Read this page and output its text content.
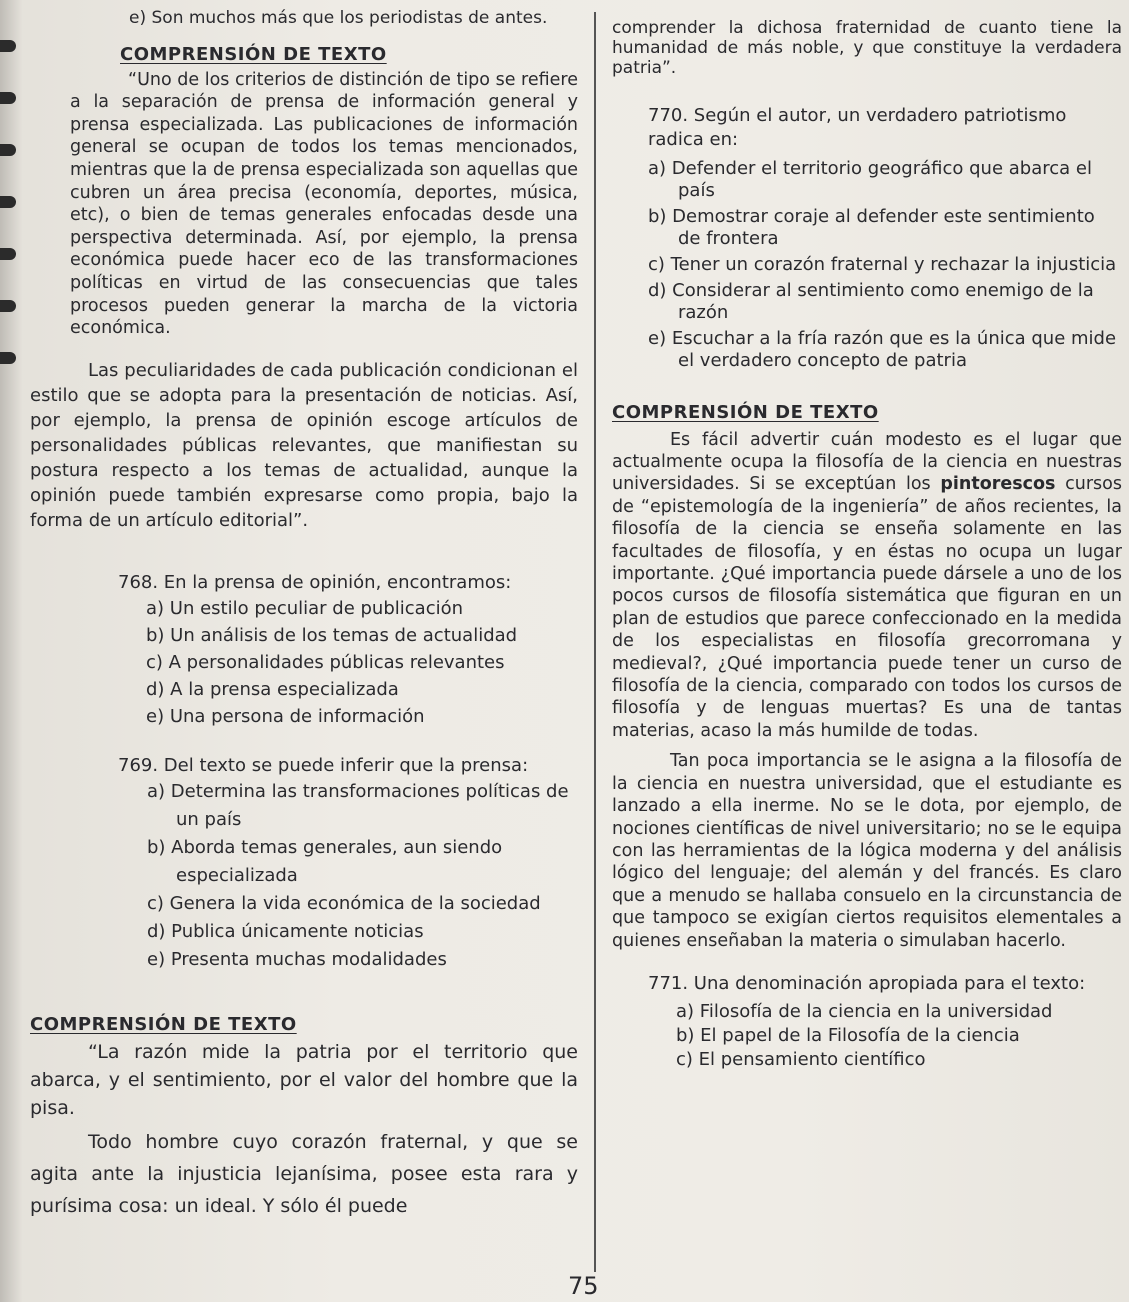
e) Son muchos más que los periodistas de antes.

COMPRENSIÓN DE TEXTO

“Uno de los criterios de distinción de tipo se refiere a la separación de prensa de información general y prensa especializada. Las publicaciones de información general se ocupan de todos los temas mencionados, mientras que la de prensa especializada son aquellas que cubren un área precisa (economía, deportes, música, etc), o bien de temas generales enfocadas desde una perspectiva determinada. Así, por ejemplo, la prensa económica puede hacer eco de las transformaciones políticas en virtud de las consecuencias que tales procesos pueden generar la marcha de la victoria económica.

Las peculiaridades de cada publicación condicionan el estilo que se adopta para la presentación de noticias. Así, por ejemplo, la prensa de opinión escoge artículos de personalidades públicas relevantes, que manifiestan su postura respecto a los temas de actualidad, aunque la opinión puede también expresarse como propia, bajo la forma de un artículo editorial”.

768. En la prensa de opinión, encontramos:

a) Un estilo peculiar de publicación

b) Un análisis de los temas de actualidad

c) A personalidades públicas relevantes

d) A la prensa especializada

e) Una persona de información

769. Del texto se puede inferir que la prensa:

a) Determina las transformaciones políticas de un país

b) Aborda temas generales, aun siendo especializada

c) Genera la vida económica de la sociedad

d) Publica únicamente noticias

e) Presenta muchas modalidades

COMPRENSIÓN DE TEXTO

“La razón mide la patria por el territorio que abarca, y el sentimiento, por el valor del hombre que la pisa.

Todo hombre cuyo corazón fraternal, y que se agita ante la injusticia lejanísima, posee esta rara y purísima cosa: un ideal. Y sólo él puede

comprender la dichosa fraternidad de cuanto tiene la humanidad de más noble, y que constituye la verdadera patria”.

770. Según el autor, un verdadero patriotismo radica en:

a) Defender el territorio geográfico que abarca el país

b) Demostrar coraje al defender este sentimiento de frontera

c) Tener un corazón fraternal y rechazar la injusticia

d) Considerar al sentimiento como enemigo de la razón

e) Escuchar a la fría razón que es la única que mide el verdadero concepto de patria

COMPRENSIÓN DE TEXTO

Es fácil advertir cuán modesto es el lugar que actualmente ocupa la filosofía de la ciencia en nuestras universidades. Si se exceptúan los pintorescos cursos de “epistemología de la ingeniería” de años recientes, la filosofía de la ciencia se enseña solamente en las facultades de filosofía, y en éstas no ocupa un lugar importante. ¿Qué importancia puede dársele a uno de los pocos cursos de filosofía sistemática que figuran en un plan de estudios que parece confeccionado en la medida de los especialistas en filosofía grecorromana y medieval?, ¿Qué importancia puede tener un curso de filosofía de la ciencia, comparado con todos los cursos de filosofía y de lenguas muertas? Es una de tantas materias, acaso la más humilde de todas.

Tan poca importancia se le asigna a la filosofía de la ciencia en nuestra universidad, que el estudiante es lanzado a ella inerme. No se le dota, por ejemplo, de nociones científicas de nivel universitario; no se le equipa con las herramientas de la lógica moderna y del análisis lógico del lenguaje; del alemán y del francés. Es claro que a menudo se hallaba consuelo en la circunstancia de que tampoco se exigían ciertos requisitos elementales a quienes enseñaban la materia o simulaban hacerlo.

771. Una denominación apropiada para el texto:

a) Filosofía de la ciencia en la universidad

b) El papel de la Filosofía de la ciencia

c) El pensamiento científico

75
